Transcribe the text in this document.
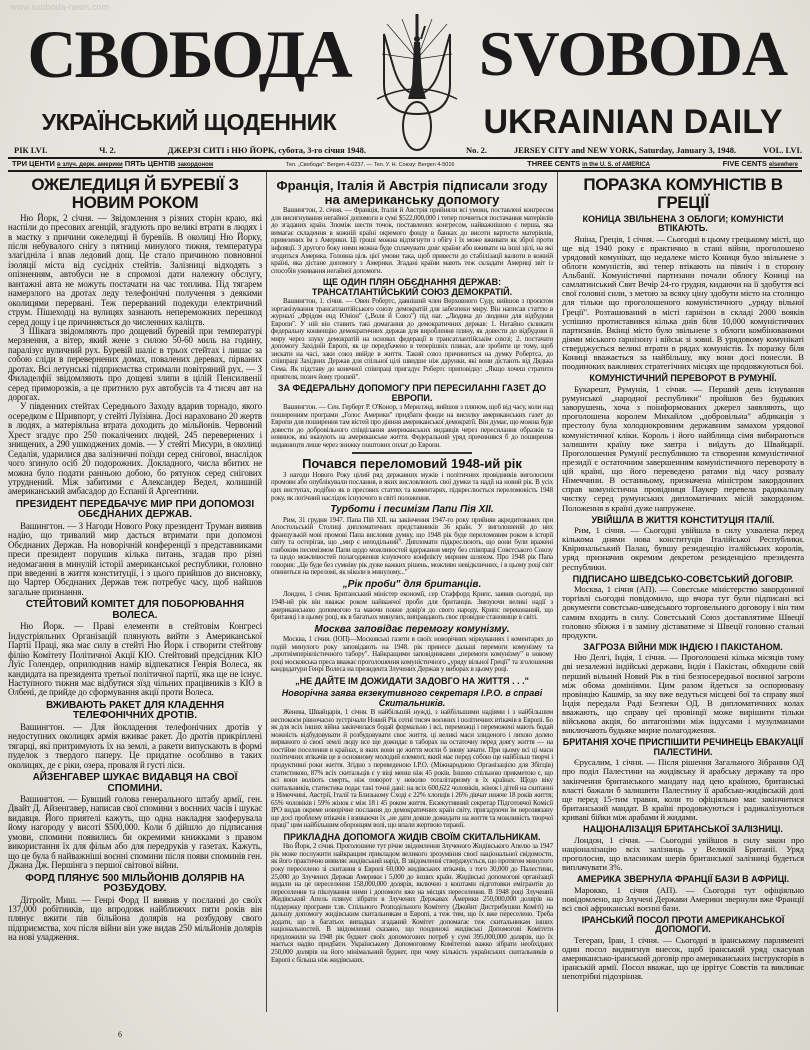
www.svoboda-news.com
СВОБОДА	SVOBODA
УКРАЇНСЬКИЙ ЩОДЕННИК	UKRAINIAN DAILY
РІК LVI.	Ч. 2.	ДЖЕРЗІ СИТІ і НЮ ЙОРК, субота, 3-го січня 1948.	No. 2.	JERSEY CITY and NEW YORK, Saturday, January 3, 1948.	VOL. LVI.
ТРИ ЦЕНТИ в злуч. держ. америки ПЯТЬ ЦЕНТІВ закордоном	Тел. „Свобода": Bergen 4-0237. — Тел. У. Н. Союзу: Bergen 4-5016	THREE CENTS in the U. S. of AMERICA	FIVE CENTS elsewhere
ОЖЕЛЕДИЦЯ Й БУРЕВІЇ З НОВИМ РОКОМ

Ню Йорк, 2 січня. — Звідомлення з різних сторін краю, які наспіли до пресових агенцій, згадують про великі втрати в людях і в маєтку з причини ожеледиці й буревіїв. В околиці Ню Йорку, після небувалого снігу з пятниці минулого тижня, температура злагідніла і впав ледовий дощ. Це стало причиною повновної ізоляції міста від сусідніх стейтів. Залізниці відходять з опізненням, автобуси не в спромозі дати належну обслугу, вантажні авта не можуть постачати на час топлива. Під тягарем намерзлого на дротах леду телефонічні получення з деякими околицями перервані. Теж перерваний подекуди електричний струм. Пішеходці на вулицях зазнають непереможних перешкод серед дощу і це причиняється до численних каліцтв.

З Шікага звідомляють про дощевий буревій при температурі мерзнення, а вітер, який жене з силою 50-60 миль на годину, паралізує вуличний рух. Буревій шаліє в трьох стейтах і лишає за собою сліди в перевернених домах, повалених деревах, пірваних дротах. Всі летунські підприємства стримали повітряний рух. — З Филаделфії звідомляють про дощеві злипи в цілій Пенсилвенії серед приморозків, а це притнило рух автобусів та 4 тисяч авт на дорогах.

У південних стейтах Середнього Заходу вдарив торнадо, якого осередком є Шривпорт, у стейті Луїзіяна. Досі нараховано 20 жертв в людях, а матеріяльна втрата доходить до мільйонів. Червоний Хрест згадує про 250 покалічених людей, 245 перевернених і знищених, а 290 ушкоджених домів. — У стейті Мисури, в околиці Седалія, ударилися два залізничні поїзди серед снігової, внаслідок чого згинуло осіб 20 подорожних. Докладного, числа вбитих не можна було подати ранньою добою, бо рятунок серед снігових утруднений. Між забитими є Александер Ведел, колишній американський амбасадор до Еспанії й Аргентини.

ПРЕЗИДЕНТ ПЕРЕДБАЧУЄ МИР ПРИ ДОПОМОЗІ ОБЄДНАНИХ ДЕРЖАВ.

Вашингтон. — З Нагоди Нового Року президент Труман виявив надію, що тривалий мир дасться втримати при допомозі Обєднаних Держав. На новорічній конференції з представниками преси президент порушив кілька питань, згадав про різні недомагання в минулій історії американської республики, головно при введенні в життя конституції, і з цього прийшов до висновку, що Чартер Обєднаних Держав теж потребує часу, щоб найшов загальне признання.

СТЕЙТОВИЙ КОМІТЕТ ДЛЯ ПОБОРЮВАННЯ ВОЛЕСА.

Ню Йорк. — Праві елементи в стейтовім Конгресі Індустріяльних Організацій плянують вийти з Американської Партії Праці, яка має силу в стейті Ню Йорк і створити стейтову філію Комітету Політичної Акції КІО. Стейтовий предсідник КІО Луїс Голендер, оприлюднив намір відпекатися Генрія Волеса, як кандидата на президента третьої політичної партії, яка ще не існує. Наступного тижня має відбутися зїзд чільних працівників з КІО в Олбені, де прийде до сформування акції проти Волеса.

ВЖИВАЮТЬ РАКЕТ ДЛЯ КЛАДЕННЯ ТЕЛЕФОНІЧНИХ ДРОТІВ.

Вашингтон. — Для йокладення телефонічних дротів у недоступних околицях армія вживає ракет. До дротів прикріплені тягарці, які притримують їх на землі, а ракети випускають в формі пуделок з твердого паперу. Це придатне особливо в таких околицях, де є ріки, озера, проваля й густі ліси.

АЙЗЕНГАВЕР ШУКАЄ ВИДАВЦЯ НА СВОЇ СПОМИНИ.

Вашингтон. — Бувший голова генерального штабу армії, ген. Двайт Д. Айзенгавер, написав свої спомини з воєнних часів і шукає видавця. Його приятелі кажуть, що одна накладня заоферувала йому нагороду у висоті $500,000. Коли б дійшло до підписання умови, спомини появились би окремими книжками з правом використання їх для фільм або для передруків у газетах. Кажуть, що це була б найважніші воєнні спомини після появи споминів ген. Джана Дж. Першінга з першої світової війни.

ФОРД ПЛЯНУЄ 500 МІЛЬЙОНІВ ДОЛЯРІВ НА РОЗБУДОВУ.

Дітройт, Миш. — Генрі Форд II виявив у посланні до своїх 137,000 робітників, що впродовж найближчих пяти років він плянує вжити пів більйона долярів на розбудову свого підприємства, хоч після війни він уже видав 250 мільйонів долярів на нові уладження.

Франція, Італія й Австрія підписали згоду на американську допомогу

Вашингтон, 2. січня. — Франція, Італія й Австрія прийняли всі умови, поставлені конгресом для висигнування негайної допомоги в сумі $522,000,000 і тепер почнеться постачання матеріялів до згаданих країн. Зпоміж шести точок, поставлених конгресом, найважнішою є перша, яка вимагає складення в кожній країні окремого фонду в банках до висоти вартости матеріялів, привезених їм з Америки. Ці гроші можна відтягнути з обігу і їх може вживати як зброї проти інфляції. З другого боку ними можна буде сплачувати довг країни або вживати на інші цілі, на які згодиться Америка. Головна ціль цієї умови така, щоб привести до стабілізації валюти в кожній країні, яка дістане допомогу з Америки. Згадані країни мають теж складати Америці звіт із способів уживання негайної допомоги.

ЩЕ ОДИН ПЛЯН ОБЄДНАННЯ ДЕРЖАВ: ТРАНСАТЛАНТІЙСЬКИЙ СОЮЗ ДЕМОКРАТІЙ.

Вашингтон, 1. січня. — Овен Робертс, давніший член Верховного Суду, вийшов з проєктом зорганізування трансатлантійського союзу демократій для забезпеки миру. Він написав статтю в журналі „Фрідом енд Юніон" („Воля й Союз") під наг. „Людина до людини для відбудови Европи". У ній він ставить такі домагання до демократичних держав: 1. Негайно скликати федеральну конвенцію демократичних держав для вироблення пляну, як довести до відбудови й миру через злуку демократій на основах федерації в трансатлантійськім союзі; 2. постачати допомогу Західній Европі, як це передбачено в теперішніх плянах, але зробити це тому, щоб зискати на часі, заки союз ввійде в життя. Такий союз причиниться на думку Робертса, до співпраці Західних Держав для спільної цілі швидше ніж дарунки, які вони дістають від Дядька Сема. Як підставу до конечної співпраці пригадує Робертс приповідку: „Якщо хочеш стратити приятеля, позич йому грошей".

ЗА ФЕДЕРАЛЬНУ ДОПОМОГУ ПРИ ПЕРЕСИЛАННІ ГАЗЕТ ДО ЕВРОПИ.

Вашингтон. — Сен. Герберт Р. О'Конор, з Мерилэнд, вийшов з пляном, щоб від часу, коли над поширенням програми „Голос Америки" придбати фонди на висилку американських газет до Европи для поширення там вістей про діяння американської демократії. Він думає, що можна буде довести до добровільного співділання американських видавців через пересилання образків та новинок, які вказують на американське життя. Федеральний уряд причинився б до поширення видавництв лише через знижку поштових оплат до Европи.

Почався переломовий 1948-ий рік

З нагоди Нового Року цілий ряд державних мужів і політичних провідників виголосили промови або опублікували послання, в яких висловлюють свої думки та надії на новий рік. В усіх цих виступах, подібно як в пресових статтях та коментарях, підкреслюється переломовість 1948 року, як логічний наслідок існуючого в світі положення.

Турботи і песимізм Папи Пія XII.

Рим, 31 грудня 1947. Папа Пій XII. на закінчення 1947-го року прийняв акредитованих при Апостольській Столиці дипломатичних представників 36 країн. У виголошеній до них французькій мові промові Папа висловив думку, що 1948 рік буде переломовим роком в історії світу та остерігав, що „мир є неподільний". Дипломати підкреслюють, що вони були вражені глибоким песимізмом Папи щодо можливостей вдержання миру без співпраці Совєтського Союзу та щодо можливостей полагодження існуючого конфлікту мирним шляхом. Про 1948 рік Папа говорив: „Це буде без сумніву рік дуже важких рішень, можливо невідкличних, і в цьому році світ опиниться на переломі, як ніколи в минулому..."

„Рік проби" для британців.

Лондон, 1 січня. Британський міністер економії, сер Стаффорд Крипс, заявив сьогодні, що 1948-ий рік він вважає роком найважчої проби для британців. Звязуючи великі надії з американською допомогою та маючи повне довір'я до свого народу, Крипс переконаний, що британці і в цьому році, як в багатьох минулих, виправдають своє провідне становище в світі.

Москва заповідає перемогу комунізму.

Москва, 1 січня. (ЮП)—Московські газети в своїх новорічних міркуваннях і коментарях до подій минулого року заповідають на 1948. рік принесе дальші перемоги комунізму та „протиімперіялістичного табору". Найкращими заповідниками „перемоги комунізму" в новому році московська преса вважає проголошення комуністичного „уряду вільної Греції" та зголошення кандидатури Генрі Волеса на президента Злучених Держав у виборах в цьому році.

„НЕ ДАЙТЕ ІМ ДОЖИДАТИ ЗАДОВГО НА ЖИТТЯ . . ."
Новорічна заява екзекутивного секретаря І.Р.О. в справі Скитальників.

Женева, Швайцарія, 1 січня. В найбільшій нужді, з найбільшими надіями і з найбільшим неспокоєм рівночасно зустрічали Новий Рік сотні тисяч воєнних і політичних втікачів в Европі. Бо як для всіх інших війна закінчилася бодай формально і всі, переможці і переможені мають бодай можність відбудовувати й розбудовувати своє життя, ці великі маси злиденого і лихою долею вирваного зі своєї землі люду все ще дожидає в таборах на остаточну перед довгу життя — на постійне поселення в країнах, в яких вони це життя могли б знову зачати. При цьому всі ці маси політичних втікачів це в основному молодий елемент, який має перед собою ще найбільш творчі і продуктивні роки життя. Згідно з переведеною І.Р.О. (Міжнародною Організацією для Збігців) статистикою, 87% всіх скитальців є у віці менш ніж 45 років. Іншою спільною прикметою є, що всі вони воліють смерть, ніж поворот у неволю тоталітаризму в їх країнах. Щодо віку скитальників, статистика подає такі точні дані: на всіх 600,622 чоловіків, жінок і дітей на скитанні в Німеччині, Австрії, Італії та Близькому Сході є 22% хлопців і 26% дівчат нижче 18 років життя; 65% чоловіків і 59% жінок є між 18 і 45 роком життя. Екзекутивний секретар Підготовчої Комісії ІРО видав окреме новорічне послання до демократичних країн світу, пригадуючи їм нерозвязану ще досі проблему втікачів і взиваючи їх „не дати довше дожидати на життя та можливість творчої праці" цим найбільшим оборонцям волі, що впали жертвою тиранії.

ПРИКЛАДНА ДОПОМОГА ЖИДІВ СВОЇМ СКИТАЛЬНИКАМ.

Ню Йорк, 2 січня. Проголошене тут річне звідомлення Злученого Жидівського Апелю за 1947 рік може послужити найкращим прикладом великого зрозуміння своєї національної свідомости, як його практично виявляє жидівський нарід. В звідомленні стверджується, що протягом минулого року переселено зі скитання в Европі 60,000 жидівських втікачів, з того 30,000 до Палестини, 25,000 до Злучених Держав Америки і 5,000 до інших країн. Жидівські допомогові організації видали на це переселення 158,000,000 долярів, включно з коштами підготовки емігрантів до переселення та піклування ними і допомоги вже на місцях переселення. В 1948 році Злучений Жидівський Апель плянує зібрати в Злучених Державах Америки 250,000,000 долярів на піддержку програми т.зв. Спільного Розподільного Комітету (Джойнт Дистрибушин Комітї) на дальшу допомогу жидівським скитальникам в Европі, а теж тим, що їх вже переселено. Треба додати, що в багатьох випадках згаданий Комітет допомагає теж скитальникам інших національностей. В звідомленні сказано, що поодинокі жидівські Допомогові Комітети предложили на 1948 рік буджет своїх допомогових потреб у сумі 395,000,000 долярів, що їх мається надію придбати. Українському Допомоговому Комітетові важко зібрати необхідних 250,000 долярів на його мінімальний буджет, при чому кількість українських скитальників в Европі є більша ніж жидівських.

ПОРАЗКА КОМУНІСТІВ В ГРЕЦІЇ
КОНИЦА ЗВІЛЬНЕНА З ОБЛОГИ; КОМУНІСТИ ВТІКАЮТЬ.

Яніна, Греція, 1 січня. — Сьогодні в цьому грецькому місті, що ще від 1940 року є практично в стані війни, проголошено урядовий комунікат, що недалеке місто Кониця було звільнене з облоги комуністів, які тепер втікають на північ і в сторону Альбанії. Комуністичні партизани почали облогу Кониці на самлатинський Свят Вечір 24-го грудня, кидаючи на її здобуття всі свої головні сили, з метою за всяку ціну здобути місто на столицю для тільки що проголошеного комуністичного „уряду вільної Греції". Розташований в місті ґарнізон в складі 2000 вояків успішно протиставився кілька днів біля 10,000 комуністичних партизанів. Вкінці місто було звільнене з облоги комбінованими діями міського ґарнізону і військ зі зовні. В урядовому комунікаті стверджується великі втрати в рядах комуністів. Їх поразку біля Кониці вважається за найбільшу, яку вони досі понесли. В поодиноких важливих стратегічних місцях ще продовжуються бої.

КОМУНІСТИЧНИЙ ПЕРЕВОРОТ В РУМУНІЇ.

Букарешт, Румунія, 1 січня. — Перший день існування румунської „народної республики" пройшов без будьяких заворушень, хоча з поінформованих джерел заявляють, що проголошена королем Михайлом „добровільна" абдикація з престолу була холоднокровним державним замахом урядової комуністичної кліки. Король і його найблища сімя вибираються залишити країну вже завтра і виїдуть до Швайцарії. Проголошення Румунії республикою та створення комуністичної президії є остаточним завершенням комуністичного перевороту в цій країні, що його переведено ратами від часу розвалу Німеччини. В останньому, призначена міністром закордонних справ комуністична провідниця Паукер перевела радикальну чистку серед румунських дипломатичних місій закордоном. Положення в країні дуже напружене.

УВІЙШЛА В ЖИТТЯ КОНСТИТУЦІЯ ІТАЛІЇ.

Рим, 1 січня. — Сьогодні увійшла в силу ухвалена перед кількома днями нова конституція Італійської Республики. Квіринальський Палац, бувшу резиденцію італійських королів, уряд призначив окремим декретом резиденцією президента республики.

ПІДПИСАНО ШВЕДСЬКО-СОВЄТСЬКИЙ ДОГОВІР.

Москва, 1 січня (АП). — Совєтське міністерство закордонної торгівлі сьогодні повідомило, що вчора тут були підписані всі документи совєтсько-шведського торговельного договору і він тим самим входить в силу. Совєтський Союз доставлятиме Швеції головно збіжжя і в заміну діставатиме зі Швеції головно стальні продукти.

ЗАГРОЗА ВІЙНИ МІЖ ІНДІЄЮ І ПАКІСТАНОМ.

Ню Делгі, Індія, 1 січня. — Проголошені кілька місяців тому дві незалежні індійські держави, Індія і Пакістан, обходили свій перший вільний Новий Рік в тіні безпосередньої воєнної загрози між обома домініями. Цим разом йдеться за оспорювану провінцію Кашмір, за яку вже ведуться місцеві бої та справу якої Індія передала Раді Безпеки ОД. В дипломатичних колах вважають, що справу цеї провінції може вирішити тільки військова акція, бо антагонізми між індусами і музулманами виключають будьяке мирне полагодження.

БРИТАНІЯ ХОЧЕ ПРИСПІШИТИ РЕЧИНЕЦЬ ЕВАКУАЦІЇ ПАЛЕСТИНИ.

Єрусалим, 1 січня. — Після рішення Загального Зібрання ОД про поділ Палестини на жидівську й арабську державу та про закінчення британського мандату над цею країною, британські власті бажали б залишити Палестину її арабсько-жидівській долі ще перед 15-тим травня, коли то офіціяльно має закінчитися британський мандат. В країні продовжуються і радикалізуються криваві бійки між арабами й жидами.

НАЦІОНАЛІЗАЦІЯ БРИТАНСЬКОЇ ЗАЛІЗНИЦІ.

Лондон, 1 січня. — Сьогодні увійшов в силу закон про націоналізацію всіх залізниць у Великій Британії. Уряд проголосив, що власникам шерів британської залізниці будеться виплачувати 3%.

АМЕРИКА ЗВЕРНУЛА ФРАНЦІЇ БАЗИ В АФРИЦІ.

Марокко, 1 січня (АП). — Сьогодні тут офіціяльно повідомлено, що Злучені Держави Америки звернули вже Франції всі свої африканські воєнні бази.

ІРАНСЬКИЙ ПОСОЛ ПРОТИ АМЕРИКАНСЬКОЇ ДОПОМОГИ.

Тегеран, Іран, 1 січня. — Сьогодні в іранському парляменті один посол видвигнув внесок, щоб іранський уряд скасував американсько-іранський договір про американських інструкторів в іранській армії. Посол вважає, що це іррітує Совєтів та викликає непотрібні підозріння.

6
